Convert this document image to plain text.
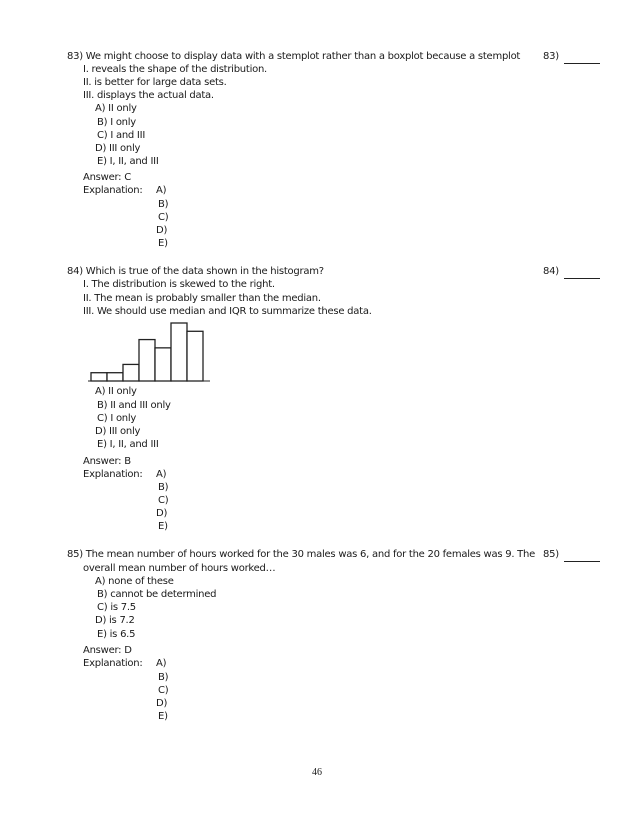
83) We might choose to display data with a stemplot rather than a boxplot because a stemplot 83)
I. reveals the shape of the distribution.
II. is better for large data sets.
III. displays the actual data.
A) II only
B) I only
C) I and III
D) III only
E) I, II, and III
Answer: C
Explanation: A)
B)
C)
D)
E)
84) Which is true of the data shown in the histogram?	84)
I. The distribution is skewed to the right.
II. The mean is probably smaller than the median.
III. We should use median and IQR to summarize these data.
A) II only
B) II and III only
C) I only
D) III only
E) I, II, and III
Answer: B
Explanation: A)
B)
C)
D)
E)
85) The mean number of hours worked for the 30 males was 6, and for the 20 females was 9. The 85)
overall mean number of hours worked…
A) none of these
B) cannot be determined
C) is 7.5
D) is 7.2
E) is 6.5
Answer: D
Explanation: A)
B)
C)
D)
E)
46
